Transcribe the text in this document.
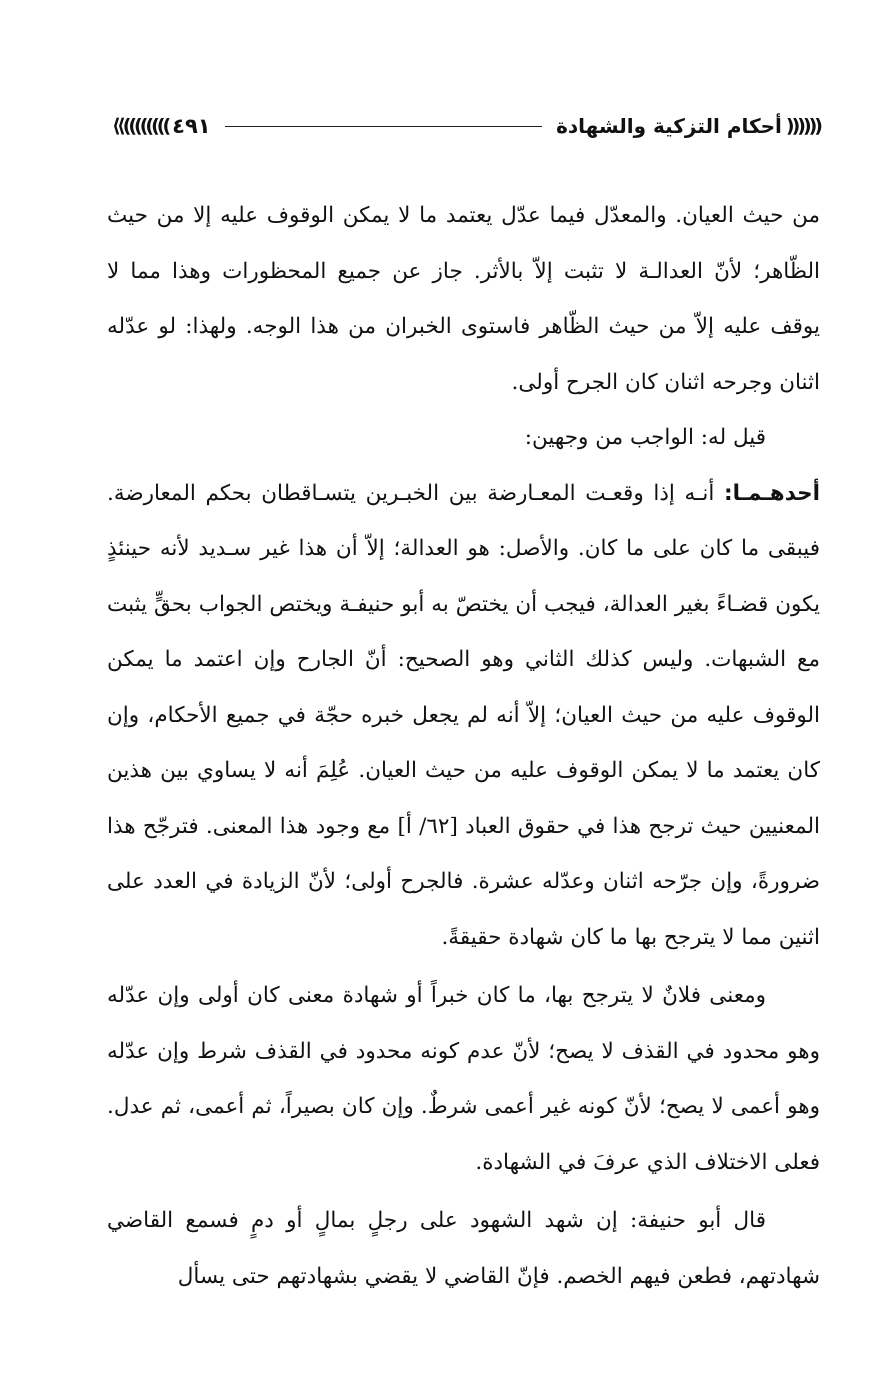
))))))
أحكام التزكية والشهادة
٤٩١
⟪((((((((

من حيث العيان. والمعدّل فيما عدّل يعتمد ما لا يمكن الوقوف عليه إلا من حيث الظّاهر؛ لأنّ العدالـة لا تثبت إلاّ بالأثر. جاز عن جميع المحظورات وهذا مما لا يوقف عليه إلاّ من حيث الظّاهر فاستوى الخبران من هذا الوجه. ولهذا: لو عدّله اثنان وجرحه اثنان كان الجرح أولى.

قيل له: الواجب من وجهين:

أحدهـمـا: أنـه إذا وقعـت المعـارضة بين الخبـرين يتسـاقطان بحكم المعارضة. فيبقى ما كان على ما كان. والأصل: هو العدالة؛ إلاّ أن هذا غير سـديد لأنه حينئذٍ يكون قضـاءً بغير العدالة، فيجب أن يختصّ به أبو حنيفـة ويختص الجواب بحقٍّ يثبت مع الشبهات. وليس كذلك الثاني وهو الصحيح: أنّ الجارح وإن اعتمد ما يمكن الوقوف عليه من حيث العيان؛ إلاّ أنه لم يجعل خبره حجّة في جميع الأحكام، وإن كان يعتمد ما لا يمكن الوقوف عليه من حيث العيان. عُلِمَ أنه لا يساوي بين هذين المعنيين حيث ترجح هذا في حقوق العباد [٦٢/ أ] مع وجود هذا المعنى. فترجّح هذا ضرورةً، وإن جرّحه اثنان وعدّله عشرة. فالجرح أولى؛ لأنّ الزيادة في العدد على اثنين مما لا يترجح بها ما كان شهادة حقيقةً.

ومعنى فلانٌ لا يترجح بها، ما كان خبراً أو شهادة معنى كان أولى وإن عدّله وهو محدود في القذف لا يصح؛ لأنّ عدم كونه محدود في القذف شرط وإن عدّله وهو أعمى لا يصح؛ لأنّ كونه غير أعمى شرطٌ. وإن كان بصيراً، ثم أعمى، ثم عدل. فعلى الاختلاف الذي عرفَ في الشهادة.

قال أبو حنيفة: إن شهد الشهود على رجلٍ بمالٍ أو دمٍ فسمع القاضي شهادتهم، فطعن فيهم الخصم. فإنّ القاضي لا يقضي بشهادتهم حتى يسأل
